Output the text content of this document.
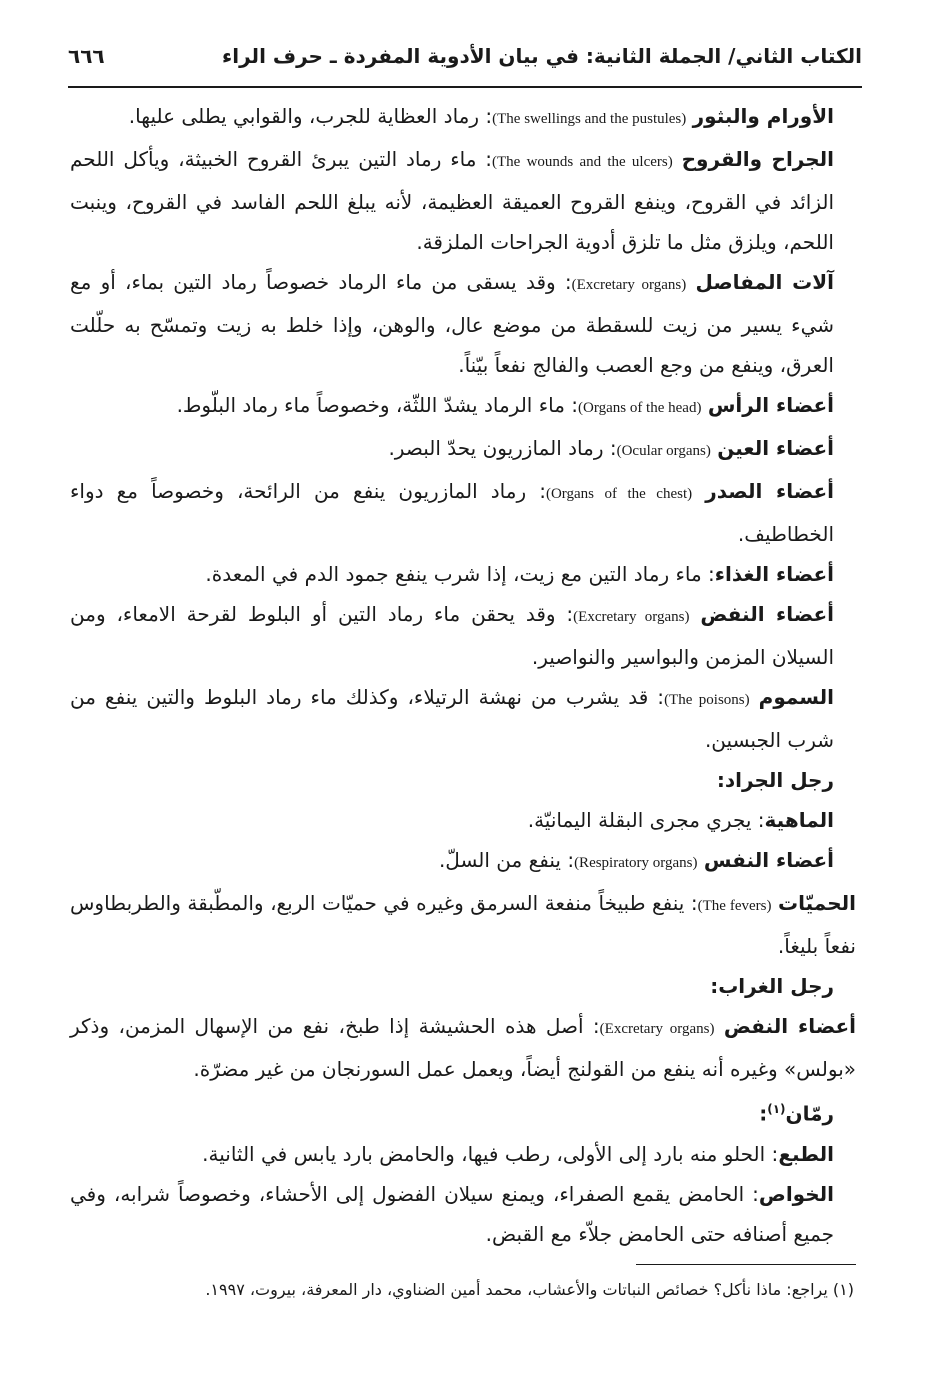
الكتاب الثاني/ الجملة الثانية: في بيان الأدوية المفردة ـ حرف الراء
٦٦٦

الأورام والبثور (The swellings and the pustules): رماد العظاية للجرب، والقوابي يطلى عليها.

الجراح والقروح (The wounds and the ulcers): ماء رماد التين يبرئ القروح الخبيثة، ويأكل اللحم الزائد في القروح، وينفع القروح العميقة العظيمة، لأنه يبلغ اللحم الفاسد في القروح، وينبت اللحم، ويلزق مثل ما تلزق أدوية الجراحات الملزقة.

آلات المفاصل (Excretary organs): وقد يسقى من ماء الرماد خصوصاً رماد التين بماء، أو مع شيء يسير من زيت للسقطة من موضع عال، والوهن، وإذا خلط به زيت وتمسّح به حلّلت العرق، وينفع من وجع العصب والفالج نفعاً بيّناً.

أعضاء الرأس (Organs of the head): ماء الرماد يشدّ اللثّة، وخصوصاً ماء رماد البلّوط.

أعضاء العين (Ocular organs): رماد المازريون يحدّ البصر.

أعضاء الصدر (Organs of the chest): رماد المازريون ينفع من الرائحة، وخصوصاً مع دواء الخطاطيف.

أعضاء الغذاء: ماء رماد التين مع زيت، إذا شرب ينفع جمود الدم في المعدة.

أعضاء النفض (Excretary organs): وقد يحقن ماء رماد التين أو البلوط لقرحة الامعاء، ومن السيلان المزمن والبواسير والنواصير.

السموم (The poisons): قد يشرب من نهشة الرتيلاء، وكذلك ماء رماد البلوط والتين ينفع من شرب الجبسين.

رجل الجراد:

الماهية: يجري مجرى البقلة اليمانيّة.

أعضاء النفس (Respiratory organs): ينفع من السلّ.

الحميّات (The fevers): ينفع طبيخاً منفعة السرمق وغيره في حميّات الربع، والمطّبقة والطربطاوس نفعاً بليغاً.

رجل الغراب:

أعضاء النفض (Excretary organs): أصل هذه الحشيشة إذا طبخ، نفع من الإسهال المزمن، وذكر «بولس» وغيره أنه ينفع من القولنج أيضاً، ويعمل عمل السورنجان من غير مضرّة.

رمّان$^{(١)}$:

الطبع: الحلو منه بارد إلى الأولى، رطب فيها، والحامض بارد يابس في الثانية.

الخواص: الحامض يقمع الصفراء، ويمنع سيلان الفضول إلى الأحشاء، وخصوصاً شرابه، وفي جميع أصنافه حتى الحامض جلاّء مع القبض.

(١) يراجع: ماذا نأكل؟ خصائص النباتات والأعشاب، محمد أمين الضناوي، دار المعرفة، بيروت، ١٩٩٧.
